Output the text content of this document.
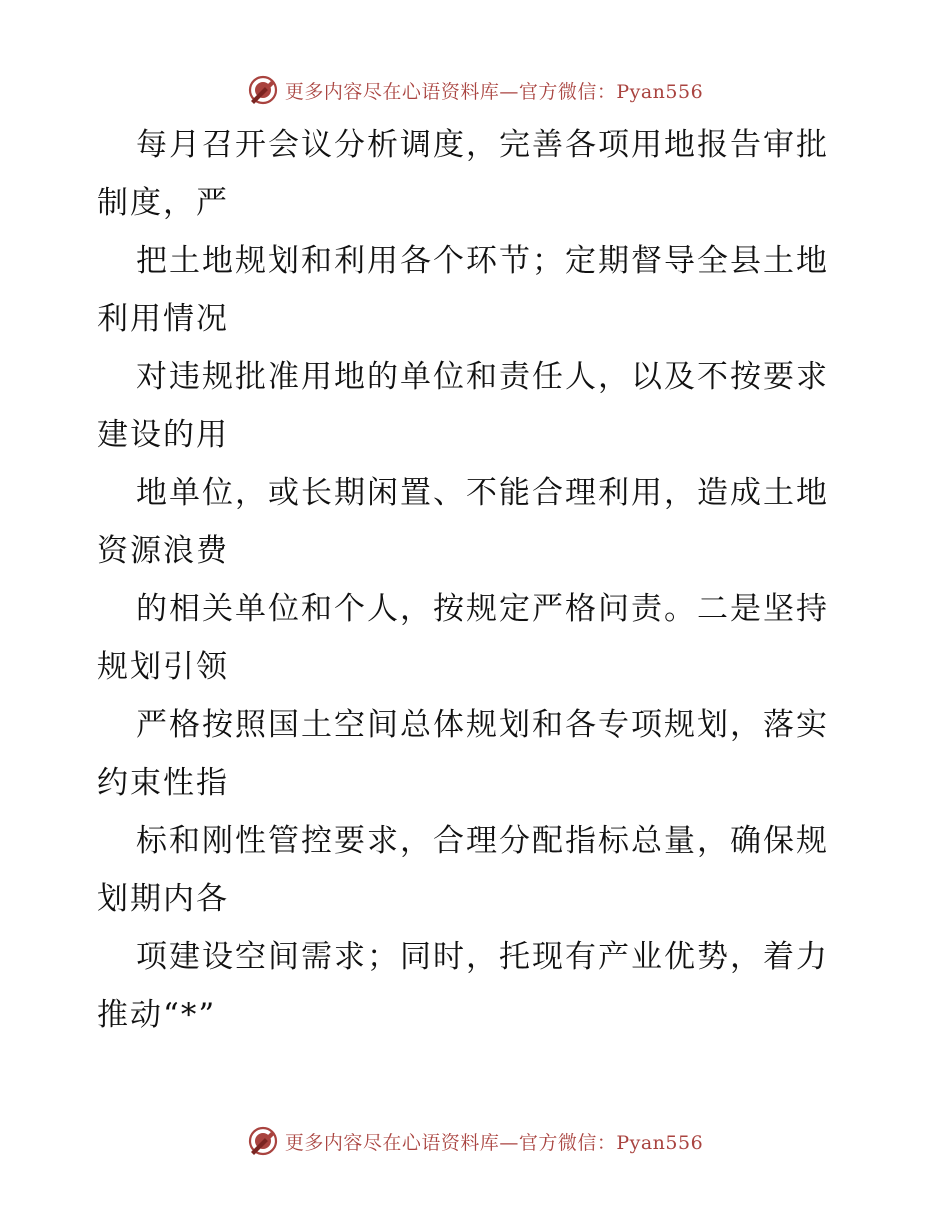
更多内容尽在心语资料库—官方微信：Pyan556

每月召开会议分析调度，完善各项用地报告审批制度，严

把土地规划和利用各个环节；定期督导全县土地利用情况

对违规批准用地的单位和责任人，以及不按要求建设的用

地单位，或长期闲置、不能合理利用，造成土地资源浪费

的相关单位和个人，按规定严格问责。二是坚持规划引领

严格按照国土空间总体规划和各专项规划，落实约束性指

标和刚性管控要求，合理分配指标总量，确保规划期内各

项建设空间需求；同时，托现有产业优势，着力推动“*”

更多内容尽在心语资料库—官方微信：Pyan556
